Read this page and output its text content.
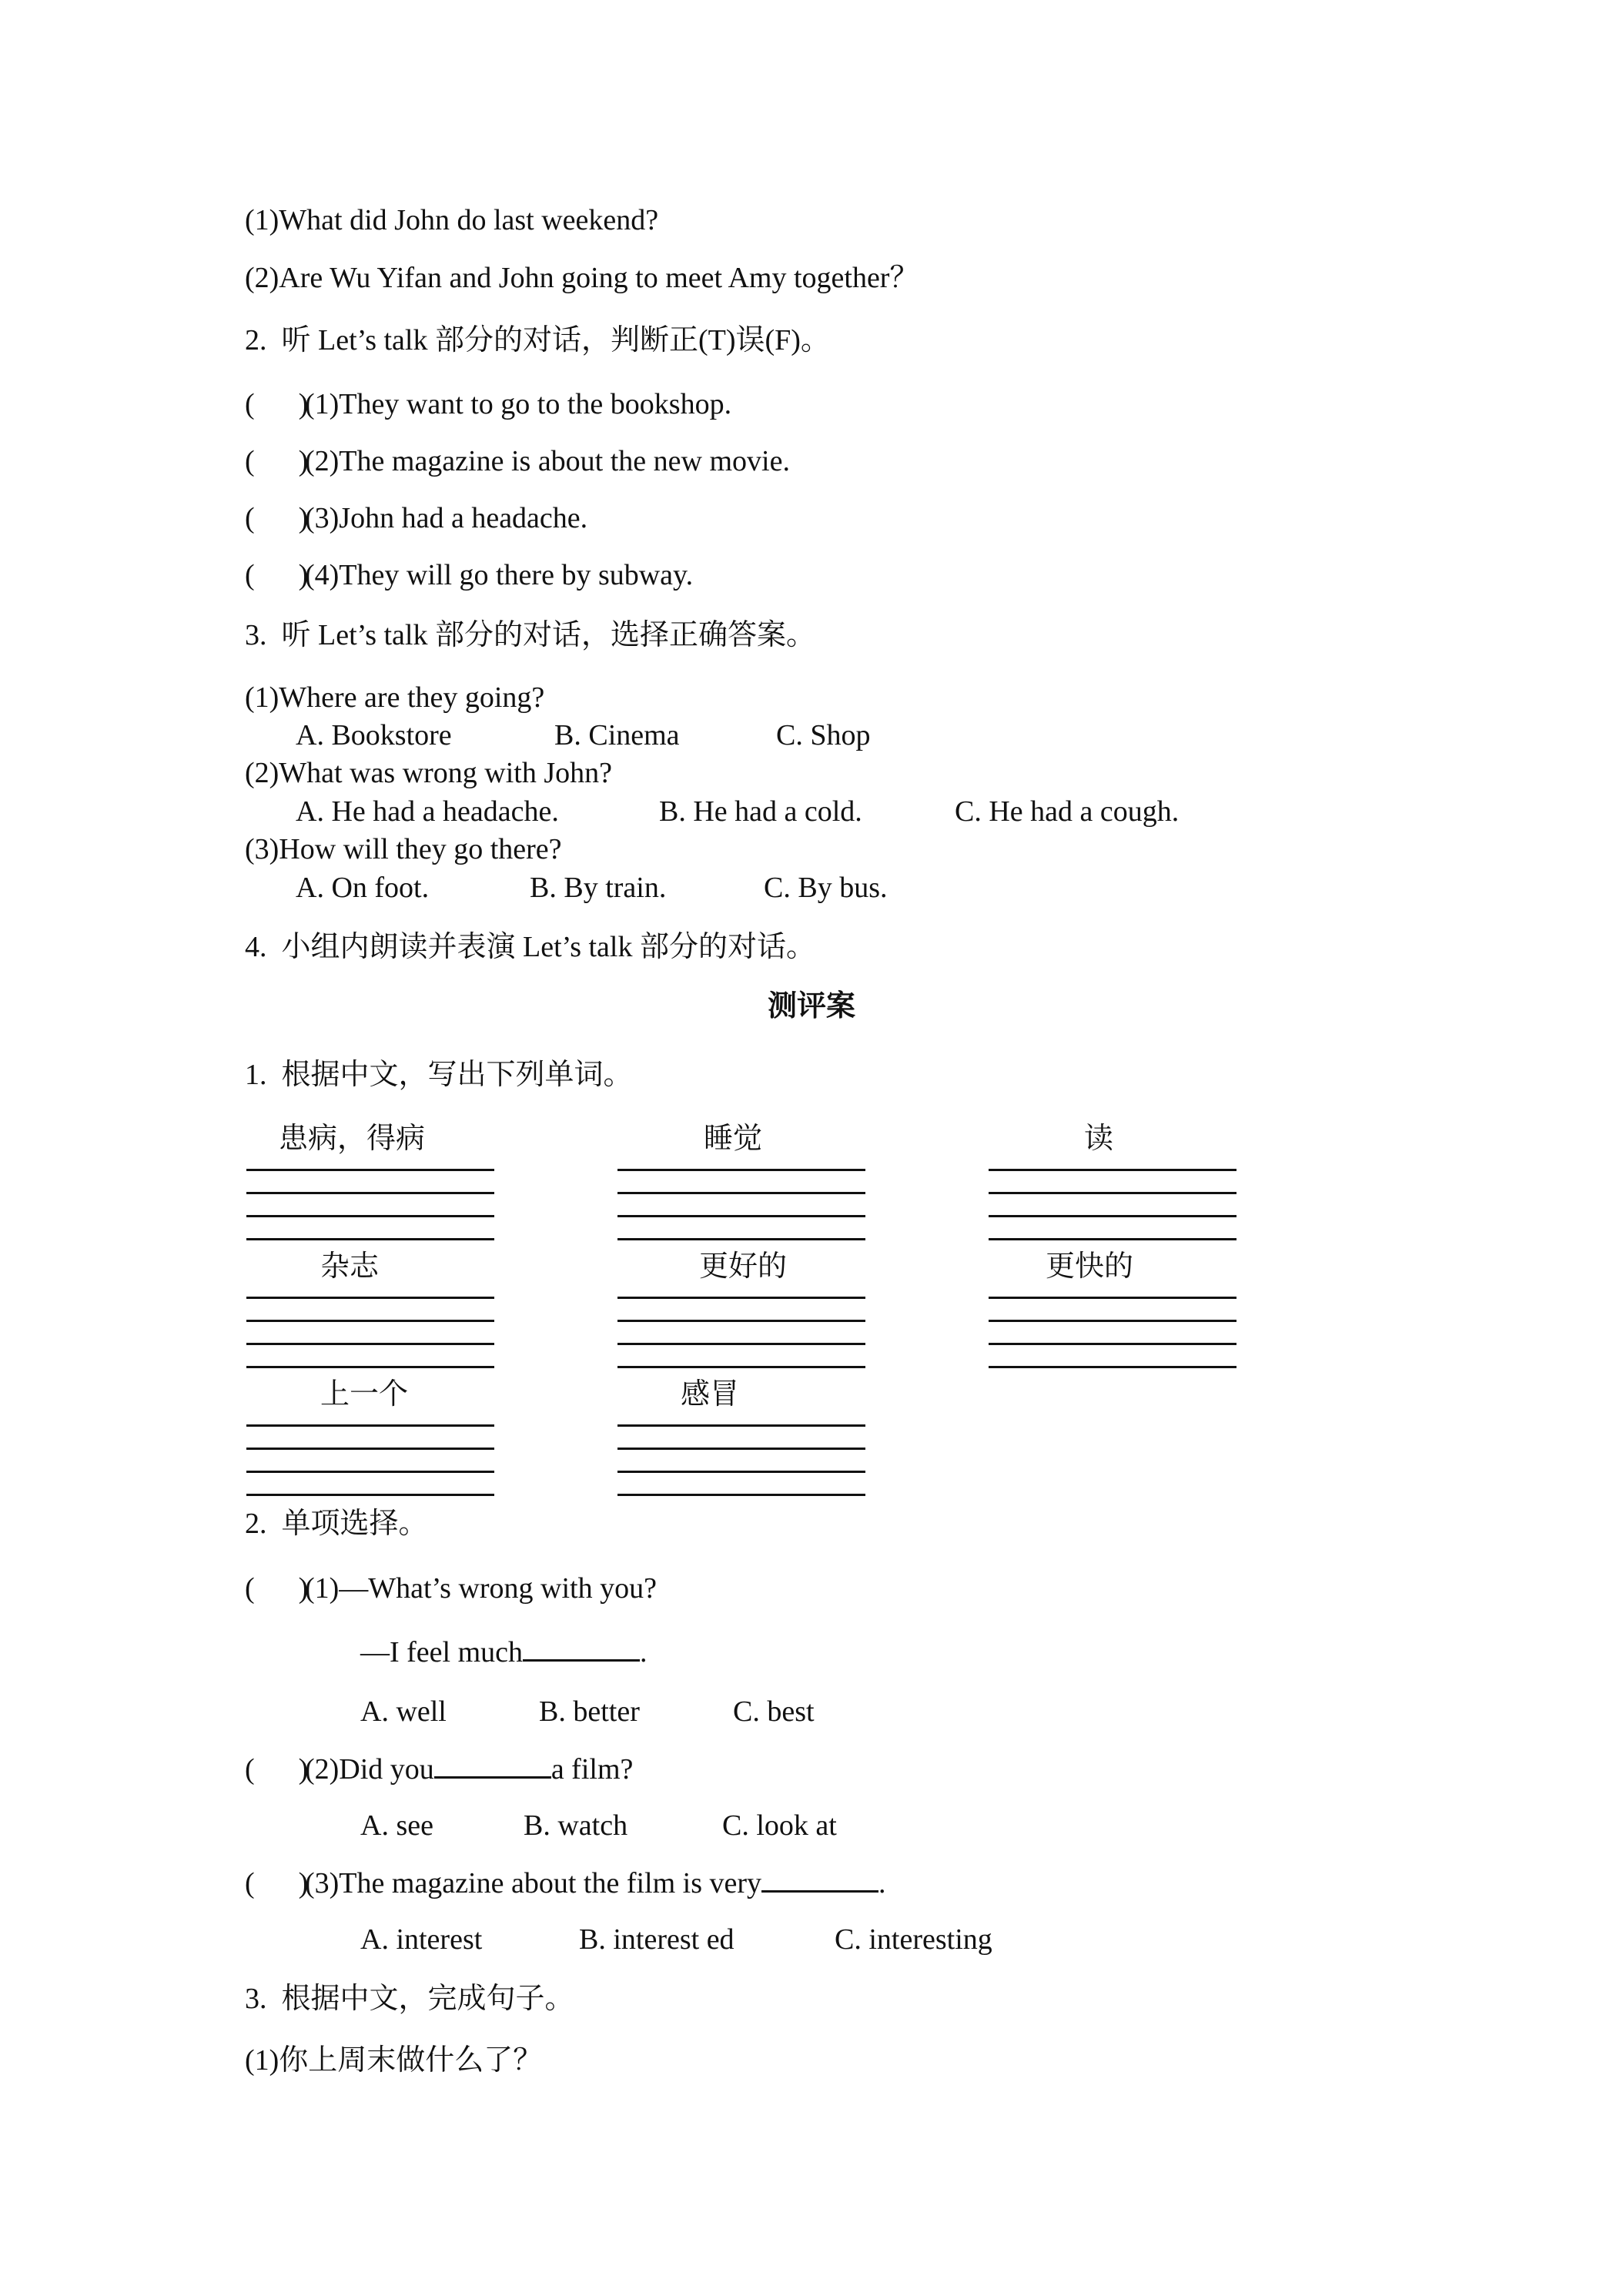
(1)What did John do last weekend?
(2)Are Wu Yifan and John going to meet Amy together？
2.  听 Let’s talk 部分的对话，判断正(T)误(F)。
(      )(1)They want to go to the bookshop.
(      )(2)The magazine is about the new movie.
(      )(3)John had a headache.
(      )(4)They will go there by subway.
3.  听 Let’s talk 部分的对话，选择正确答案。
(1)Where are they going?
A. Bookstore	B. Cinema	C. Shop
(2)What was wrong with John?
A. He had a headache.	B. He had a cold.	C. He had a cough.
(3)How will they go there?
A. On foot.	B. By train.	C. By bus.
4.  小组内朗读并表演 Let’s talk 部分的对话。
测评案
1.  根据中文，写出下列单词。
患病，得病	睡觉	读
杂志	更好的	更快的
上一个	感冒
2.  单项选择。
(      )(1)—What’s wrong with you?
—I feel much	.
A. well	B. better	C. best
(      )(2)Did you	a film?
A. see	B. watch	C. look at
(      )(3)The magazine about the film is very	.
A. interest	B. interest ed	C. interesting
3.  根据中文，完成句子。
(1)你上周末做什么了？
